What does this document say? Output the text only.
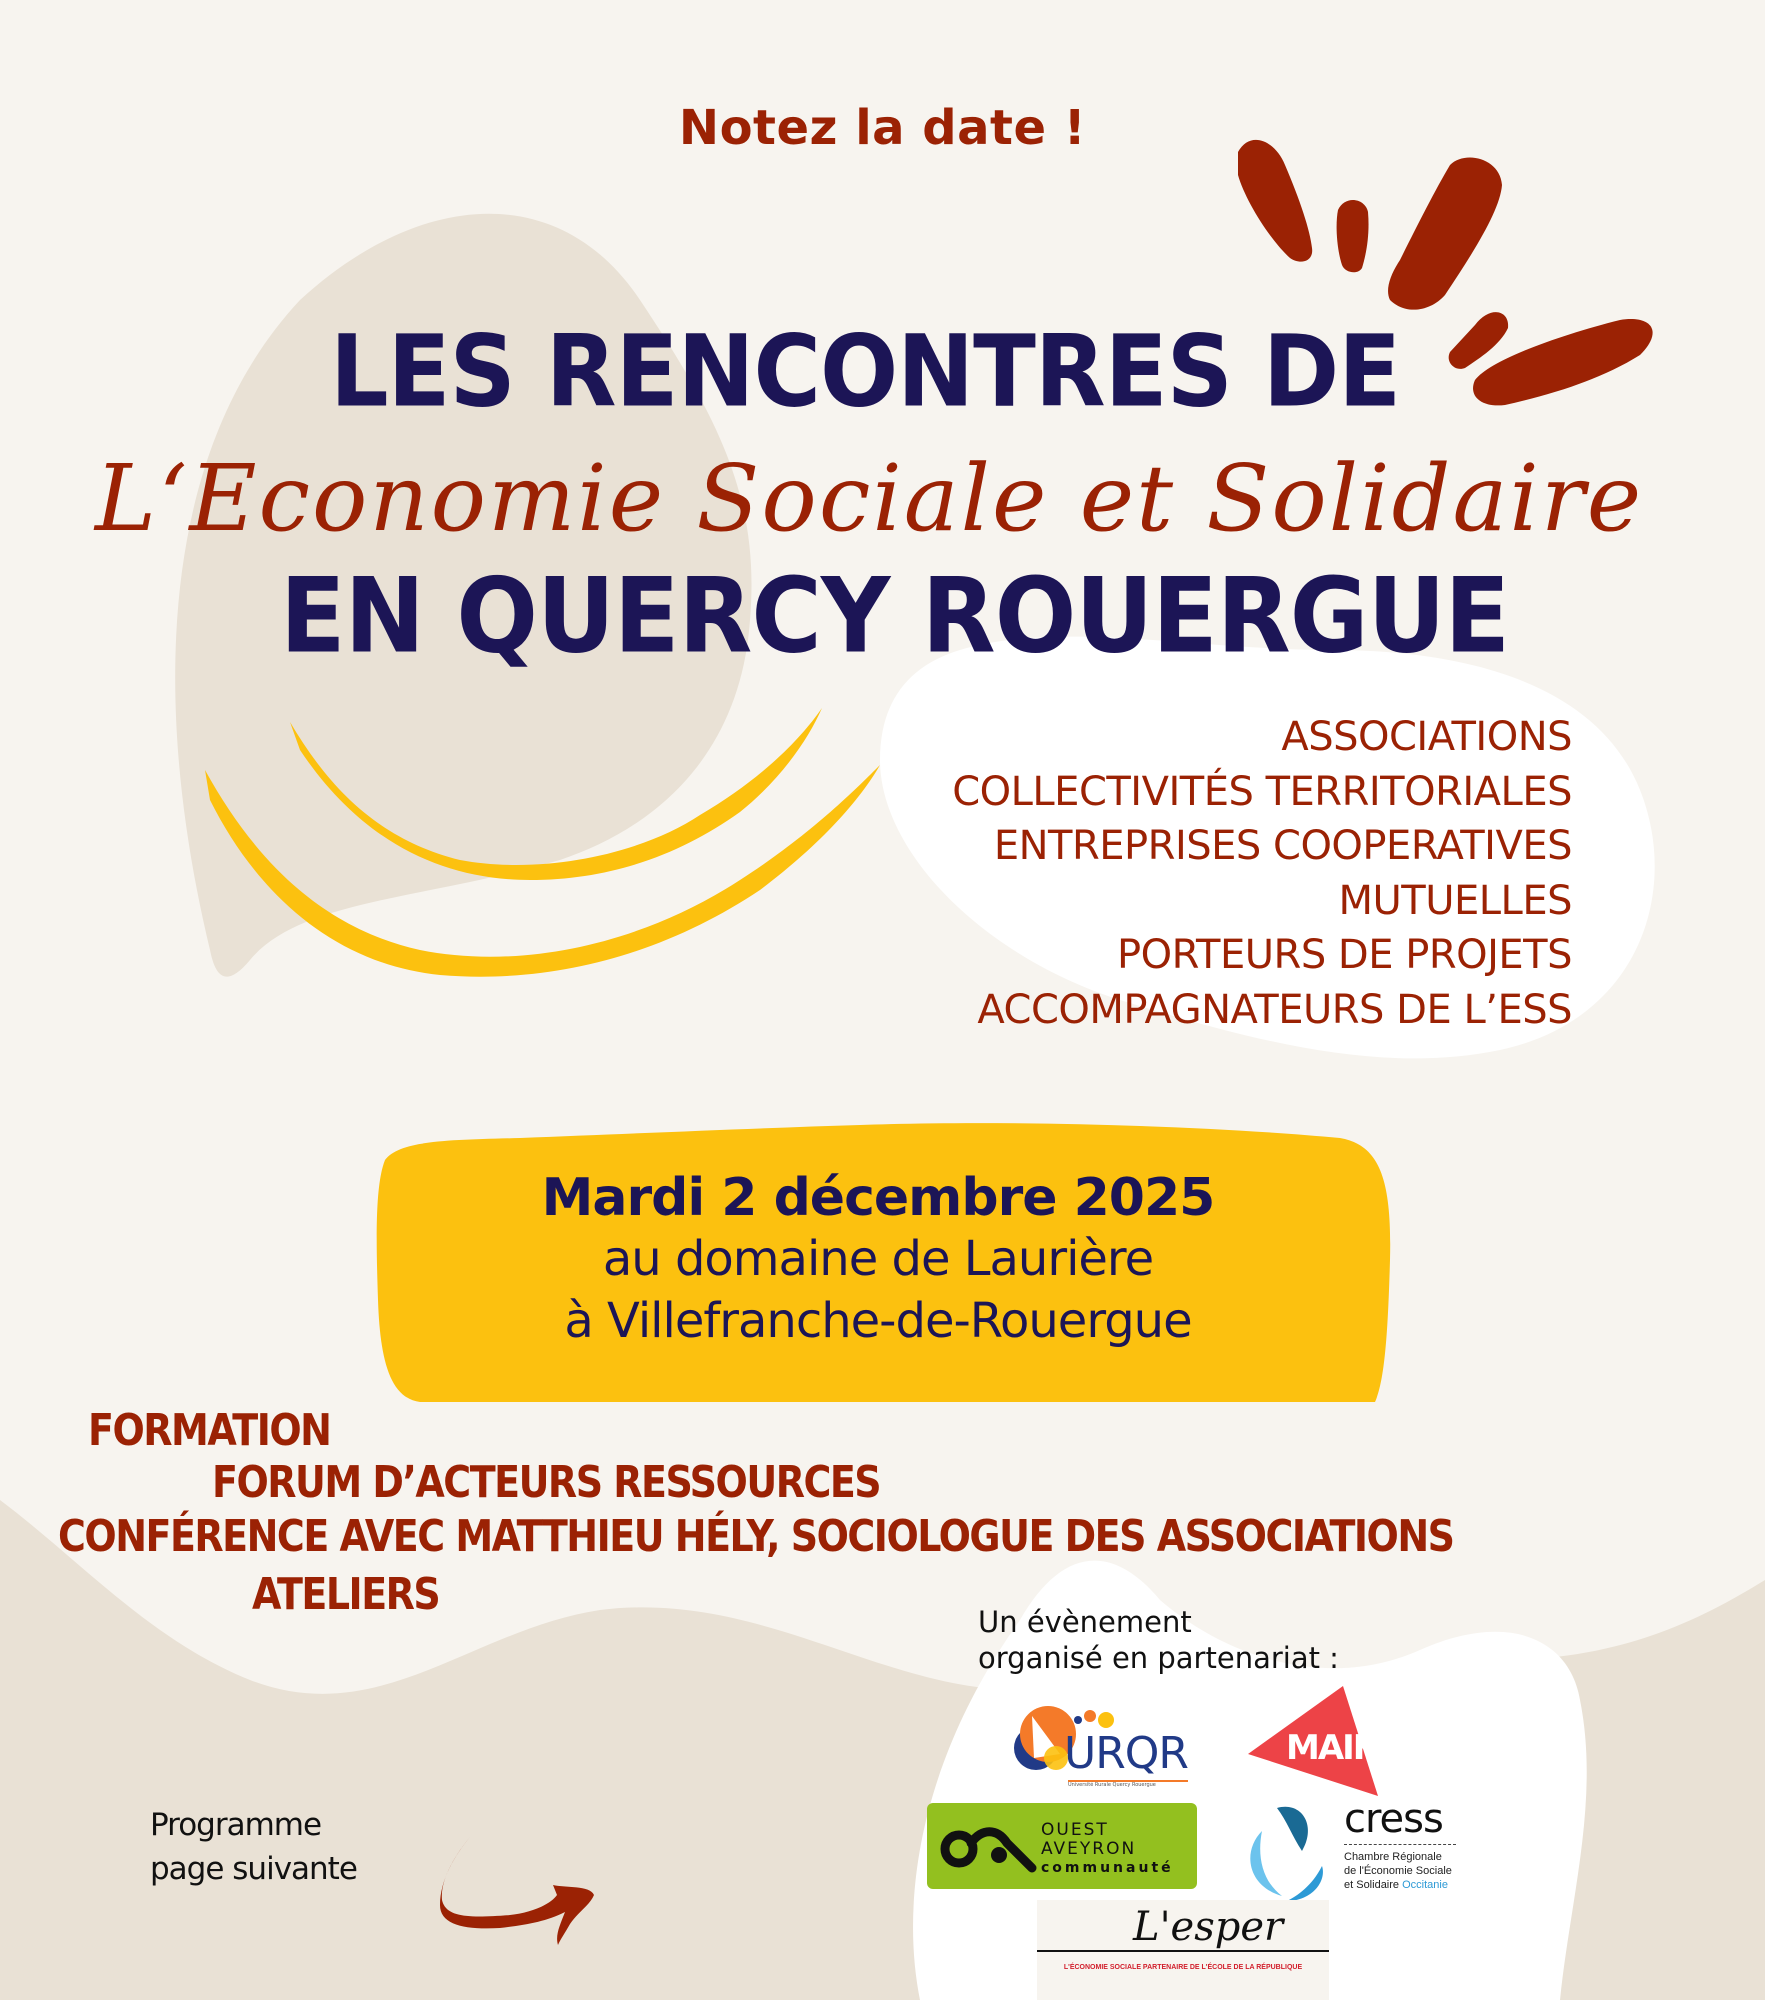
Notez la date !
LES RENCONTRES DE
L‘Economie Sociale et Solidaire
EN QUERCY ROUERGUE
ASSOCIATIONS
COLLECTIVITÉS TERRITORIALES
ENTREPRISES COOPERATIVES
MUTUELLES
PORTEURS DE PROJETS
ACCOMPAGNATEURS DE L’ESS
Mardi 2 décembre 2025
au domaine de Laurière
à Villefranche-de-Rouergue
FORMATION
FORUM D’ACTEURS RESSOURCES
CONFÉRENCE AVEC MATTHIEU HÉLY, SOCIOLOGUE DES ASSOCIATIONS
ATELIERS
Un évènement
organisé en partenariat :
URQR
Université Rurale Quercy Rouergue
MAIF
OUEST
AVEYRON
communauté
cress
Chambre Régionale
de l'Économie Sociale
et Solidaire Occitanie
L'esper
L'ÉCONOMIE SOCIALE PARTENAIRE DE L'ÉCOLE DE LA RÉPUBLIQUE
Programme
page suivante
